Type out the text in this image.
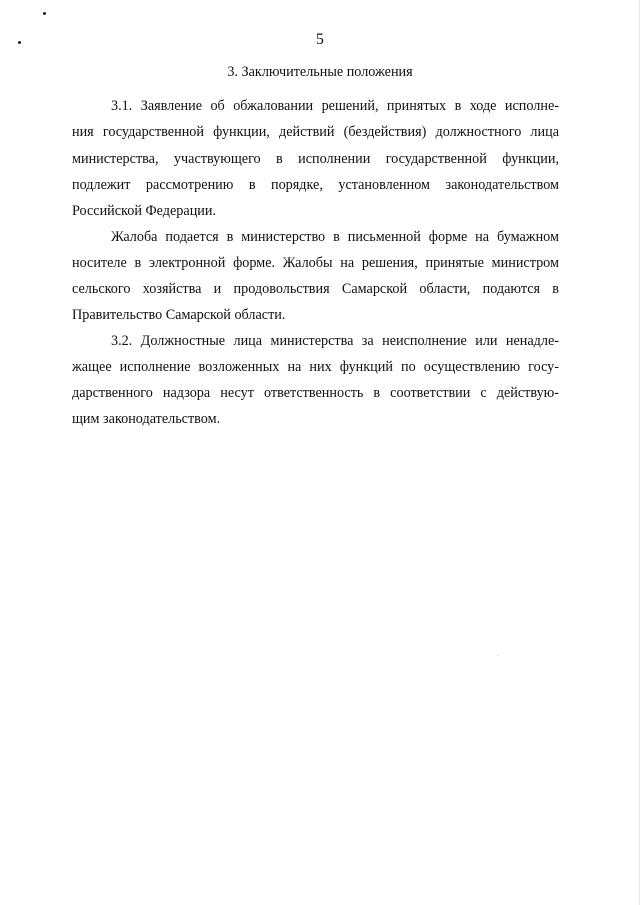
5
3. Заключительные положения
3.1. Заявление об обжаловании решений, принятых в ходе исполне-
ния государственной функции, действий (бездействия) должностного лица
министерства, участвующего в исполнении государственной функции,
подлежит рассмотрению в порядке, установленном законодательством
Российской Федерации.
Жалоба подается в министерство в письменной форме на бумажном
носителе в электронной форме. Жалобы на решения, принятые министром
сельского хозяйства и продовольствия Самарской области, подаются в
Правительство Самарской области.
3.2. Должностные лица министерства за неисполнение или ненадле-
жащее исполнение возложенных на них функций по осуществлению госу-
дарственного надзора несут ответственность в соответствии с действую-
щим законодательством.
